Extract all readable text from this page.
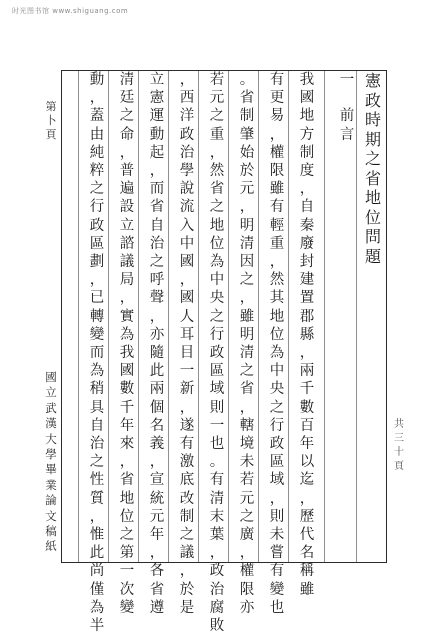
时光图书馆 www.shiguang.com
第
卜
頁
國
立
武
漢
大
學
畢
業
論
文
稿
紙
共
三
十
頁
憲
政
時
期
之
省
地
位
問
題
一

前
言
我
國
地
方
制
度
，
自
秦
廢
封
建
置
郡
縣
，
兩
千
數
百
年
以
迄
，
歷
代
名
稱
雖
有
更
易
，
權
限
雖
有
輕
重
，
然
其
地
位
為
中
央
之
行
政
區
域
，
則
未
嘗
有
變
也
。
省
制
肇
始
於
元
，
明
清
因
之
，
雖
明
清
之
省
，
轄
境
未
若
元
之
廣
，
權
限
亦
若
元
之
重
，
然
省
之
地
位
為
中
央
之
行
政
區
域
則
一
也
。
有
清
末
葉
，
政
治
腐
敗
，
西
洋
政
治
學
說
流
入
中
國
，
國
人
耳
目
一
新
，
遂
有
激
底
改
制
之
議
，
於
是
立
憲
運
動
起
，
而
省
自
治
之
呼
聲
，
亦
隨
此
兩
個
名
義
，
宣
統
元
年
，
各
省
遵
清
廷
之
命
，
普
遍
設
立
諮
議
局
，
實
為
我
國
數
千
年
來
，
省
地
位
之
第
一
次
變
動
，
蓋
由
純
粹
之
行
政
區
劃
，
已
轉
變
而
為
稍
具
自
治
之
性
質
，
惟
此
尚
僅
為
半
